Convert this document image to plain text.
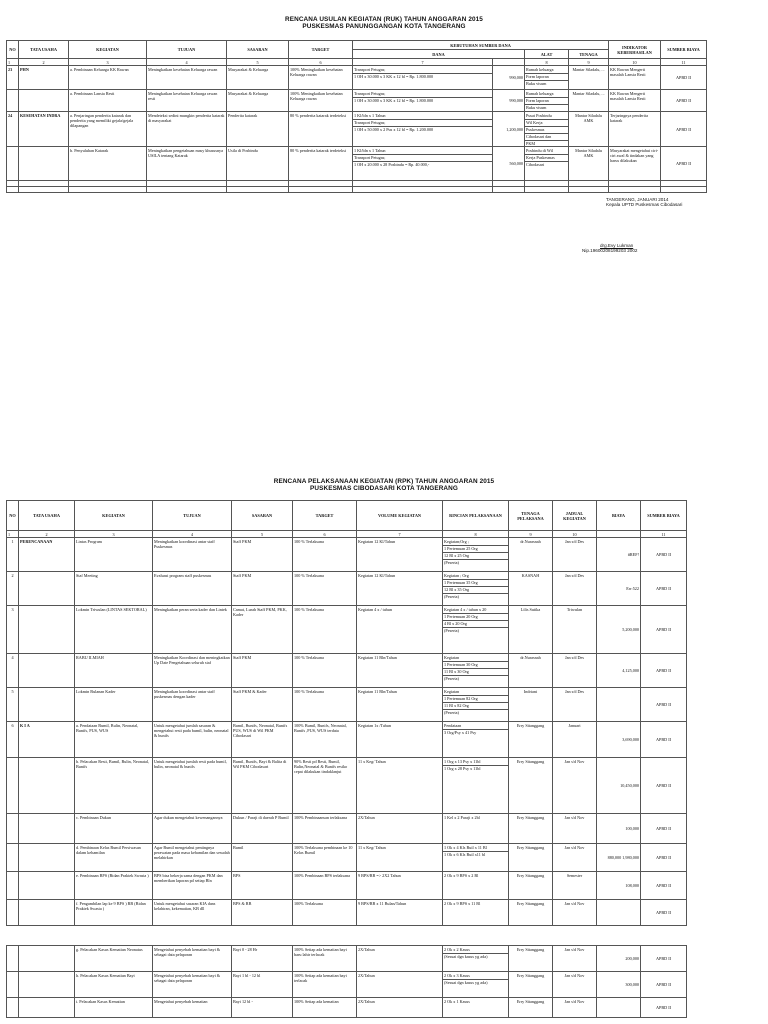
RENCANA USULAN KEGIATAN (RUK) TAHUN ANGGARAN 2015
PUSKESMAS PANUNGGANGAN KOTA TANGERANG
NO	TATA USAHA	KEGIATAN	TUJUAN	SASARAN	TARGET	KEBUTUHAN SUMBER DANA				INDIKATOR KEBERHASILAN	SUMBER BIAYA
						DANA		ALAT	TENAGA		
1	2	3	4	5	6	7		8	9	10	11
23	PHN	a. Pembinaan Keluarga KK Rawan	Meningkatkan kesehatan Keluarga rawan	Masyarakat & Keluarga	100% Meningkatkan kesehatan Keluarga rawan	Transport Petugas;
1 OH x 30.000 x 3 KK x 12 bl = Rp. 1.800.000	990,000	Rumah keluarga
Form laporan
Buku visum	Mantar Siladalu, ...	KK Rawan Mengerti masalah Lansia Resti	APBD II
		a. Pembinaan Lansia Resti	Meningkatkan kesehatan Keluarga rawan resti	Masyarakat & Keluarga	100% Meningkatkan kesehatan Keluarga rawan	Transport Petugas;
1 OH x 30.000 x 3 KK x 12 bl = Rp. 1.800.000	990,000	Rumah keluarga
Form laporan
Buku visum	Mantar Siladalu, ...	KK Rawan Mengerti masalah Lansia Resti	APBD II
24	KESEHATAN INDRA	a. Penjaringan penderita katarak dan penderita yang memiliki gejala/gejala dilapangan	Mendeteksi sedini mungkin penderita katarak di masyarakat	Penderita katarak	80 % penderita katarak terdeteksi	1 Kl/bln x 1 Tahun
Transport Petugas;
1 OH x 50.000 x 2 Pus x 12 bl = Rp. 1.200.000	1,200,000	Pusat Posbindu
Wil Kerja
Puskesmas
Cibodasari dan
PKM	Mantar Siladalu AMK	Terjaringnya penderita katarak	APBD II
		b. Penyuluhan Katarak	Meningkatkan pengetahuan masy khususnya USILA tentang Katarak	Usila di Posbindu	80 % penderita katarak terdeteksi	1 Kl/bln x 1 Tahun
Transport Petugas;
1 OH x 20.000 x 28 Posbindu = Rp. 40.000,-	560,000	Posbindu di Wil
Kerja Puskesmas
Cibodasari	Mantar Siladalu AMK	Masyarakat mengetahui ciri-ciri awal & tindakan yang harus dilakukan	APBD II

TANGERANG, JANUARI 2014
Kepala UPTD Puskesmas Cibodasari
drg.Evy Lukman
Nip.19600208199203 2002
RENCANA PELAKSANAAN KEGIATAN (RPK) TAHUN ANGGARAN 2015
PUSKESMAS CIBODASARI KOTA TANGERANG
NO	TATA USAHA	KEGIATAN	TUJUAN	SASARAN	TARGET	VOLUME KEGIATAN	RINCIAN PELAKSANAAN	TENAGA PELAKSANA	JADUAL KEGIATAN	BIAYA	SUMBER BIAYA
1	2	3	4	5	6	7	8	9	10		11
1	PERENCANAAN	Lintas Program	Meningkatkan koordinasi antar staff Puskesmas	Staff PKM	100 % Terlaksana	Kegiatan 12 Kl/Tahun	Kegiatan;Org ;
1 Pertemuan 25 Org
12 Bl x 25 Org
(Peserta)	dr.Nurasnah	Jan s/d Des	#REF!	APBD II
2		Staf Meeting	Evaluasi program staff puskesmas	Staff PKM	100 % Terlaksana	Kegiatan 12 Kl/Tahun	Kegiatan ; Org
1 Pertemuan 35 Org
12 Bl x 35 Org
(Peserta)	KASNAH	Jan s/d Des	Err:522	APBD II
3		Lokmin Triwulan (LINTAS SEKTORAL)	Meningkatkan peran serta kader dan Lintek	Camat, Lurah Staff PKM, PKK, Kader	100 % Terlaksana	Kegiatan 4 x / tahun	Kegiatan 4 x / tahun x 20
1 Pertemuan 20 Org
4 Bl x 20 Org
(Peserta)	Lilis Sutika	Triwulan	5,200,000	APBD II
4		RABU ILMIAH	Meningkatkan Koordinasi dan meningkatkan Up Date Pengetahuan seluruh staf	Staff PKM	100 % Terlaksana	Kegiatan 11 Bln/Tahun	Kegiatan
1 Pertemuan 30 Org
11 Bl x 30 Org
(Peserta)	dr.Nurasnah	Jan s/d Des	4,125,000	APBD II
5		Lokmin Bulanan Kader	Meningkatkan koordinasi antar staff puskesmas dengan kader	Staff PKM & Kader	100 % Terlaksana	Kegiatan 11 Bln/Tahun	Kegiatan
1 Pertemuan 82 Org
11 Bl x 82 Org
(Peserta)	Indriani	Jan s/d Des		APBD II
6	K I A	a. Pendataan Bumil, Bulin, Neonatal, Bunifs, PUS, WUS	Untuk mengetahui jumlah sasaran & mengetahui resti pada bumil, bulin, neonatal & bunifs	Bumil, Bunifs, Neonatal, Bunifs PUS, WUS di Wil PKM Cibodasari	100% Bumil, Bunifs, Neonatal, Bunifs ,PUS, WUS terdata	Kegiatan 1x /Tahun	Pendataan
3 Org/Psy x 41 Psy	Erry Sitanggang	Januari	3,690,000	APBD II
		b. Pelacakan Resti, Bumil, Bulin, Neonatal, Bunifs	Untuk mengetahui jumlah resti pada bumil, bulin, neonatal & bunifs	Bumil, Bunifs, Bayi & Balita di Wil PKM Cibodasari	90% Resti pd Resti, Bumil, Bulin,Neonatal & Bunifs resiko cepat dilakukan tindaklanjut	11 x Keg/ Tahun	1 Org x 13 Psy x 11bl
1 Org x 28 Psy x 11bl	Erry Sitanggang	Jan s/d Nov	10,450,000	APBD II
		c. Pembinaan Dukun	Agar dukun mengetahui kewenangannya	Dukun / Paraji di daerah P Bumil	100% Pembinaansan terlaksana	2X/Tahun	1 Kel x 2 Paraji x 2bl	Erry Sitanggang	Jan s/d Nov	100,000	APBD II
		d. Pembinaan Kelas Bumil Persiwasan dalam kehamilan	Agar Bumil mengetahui pentingnya perawatan pada masa kehamilan dan sesudah melahirkan	Bumil	100% Terlaksana pembinaan ke 10 Kelas Bumil	11 x Keg/ Tahun	1 Ok x 4 Kls Buil x 11 Bl
1 Ok x 6 Kls Buil x11 bl	Erry Sitanggang	Jan s/d Nov	880,000 1,980,000	APBD II
		e. Pembinaan BPS (Bidan Praktek Swasta )	BPS bisa bekerja sama dengan PKM dan memberikan laporan pd setiap Bln	BPS	100% Pembinaan BPS terlaksana	9 BPS/RB => 2X2 Tahun	2 Ok x 9 BPS x 2 Bl	Erry Sitanggang	Semester	108,000	APBD II
		f. Pengambilan lap ke 9 BPS ) RB (Bidan Praktek Swasta )	Untuk mengetahui sasaran KIA dans kelahiran, kekematian, KB dll	BPS & RB	100% Terlaksana	9 BPS/RB x 11 Bulan/Tahun	2 Ok x 9 BPS x 11 Bl	Erry Sitanggang	Jan s/d Nov		APBD II
		g. Pelacakan Kasus Kematian Neonatus	Mengetahui penyebab kematian bayi & sebagai data pelaporan	Bayi 0 - 28 Hr	100% Setiap ada kematian bayi baru lahir terlacak	2X/Tahun	2 Ok x 2 Kasus
(Sesuai dgn kasus yg ada)	Erry Sitanggang	Jan s/d Nov	200,000	APBD II
		h. Pelacakan Kasus Kematian Bayi	Mengetahui penyebab kematian bayi & sebagai data pelaporan	Bayi 1 bl - 12 bl	100% Setiap ada kematian bayi terlacak	2X/Tahun	2 Ok x 3 Kasus
(Sesuai dgn kasus yg ada)	Erry Sitanggang	Jan s/d Nov	300,000	APBD II
		i. Pelacakan Kasus Kematian	Mengetahui penyebab kematian	Bayi 12 bl -	100% Setiap ada kematian	2X/Tahun	2 Ok x 1 Kasus	Erry Sitanggang	Jan s/d Nov		APBD II
